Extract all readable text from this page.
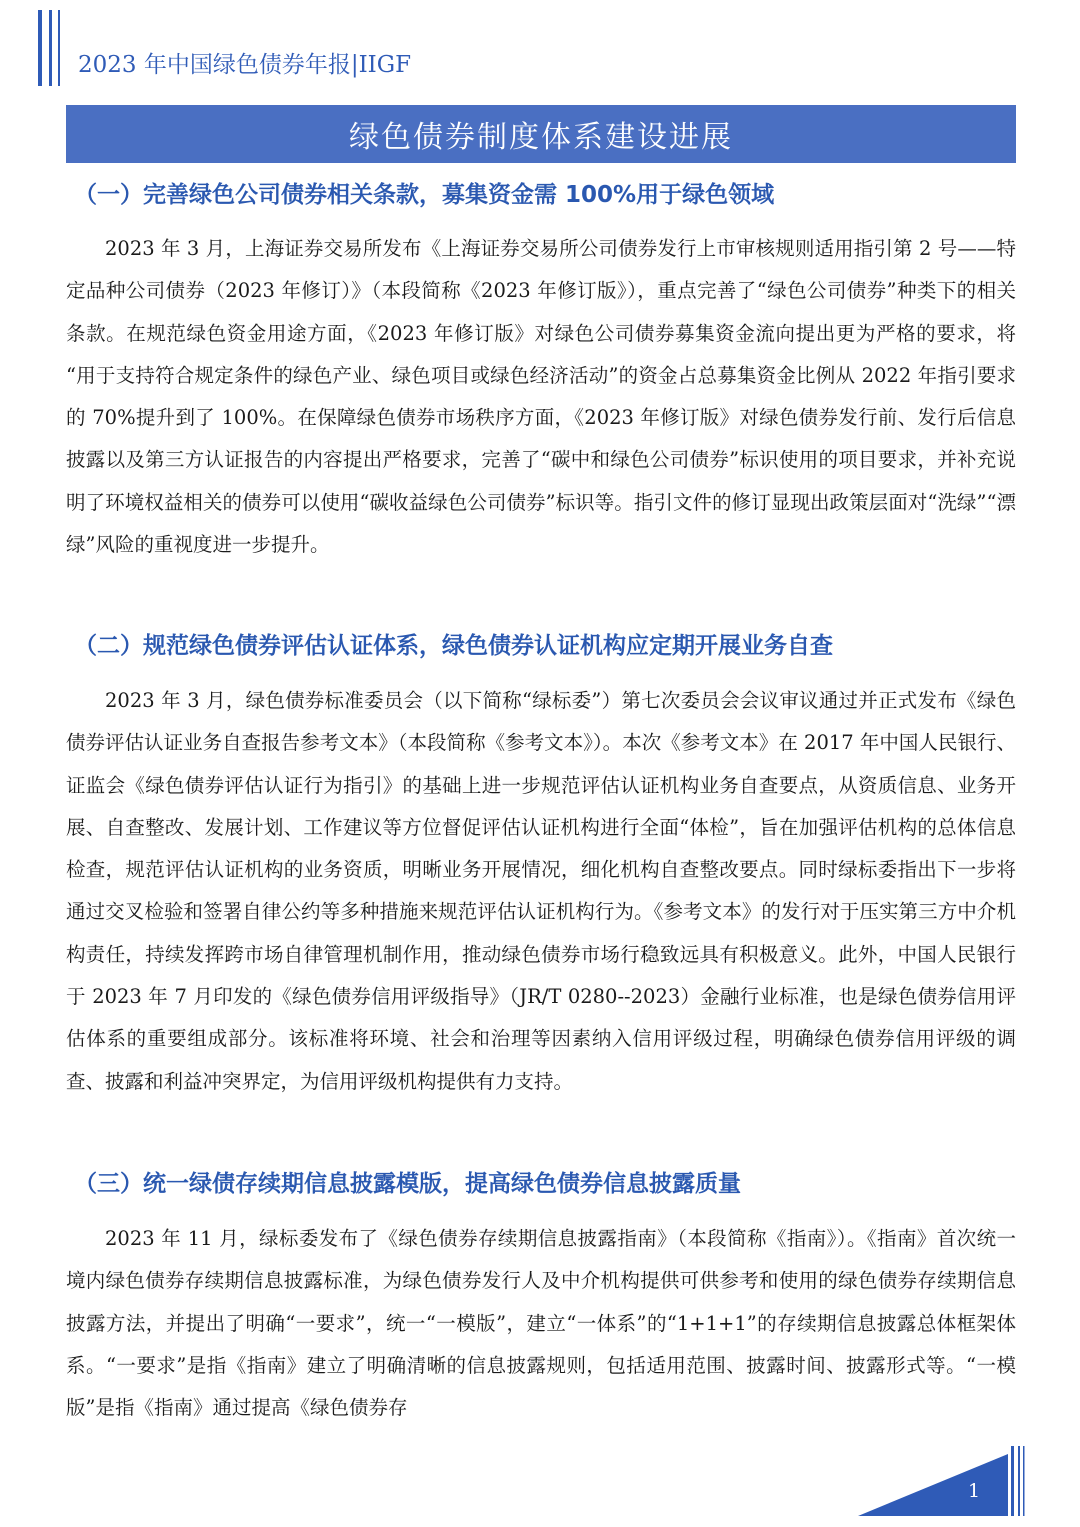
2023 年中国绿色债券年报|IIGF
绿色债券制度体系建设进展
（一）完善绿色公司债券相关条款，募集资金需 100%用于绿色领域

2023 年 3 月，上海证券交易所发布《上海证券交易所公司债券发行上市审核规则适用指引第 2 号——特定品种公司债券（2023 年修订）》（本段简称《2023 年修订版》），重点完善了“绿色公司债券”种类下的相关条款。在规范绿色资金用途方面，《2023 年修订版》对绿色公司债券募集资金流向提出更为严格的要求，将 “用于支持符合规定条件的绿色产业、绿色项目或绿色经济活动”的资金占总募集资金比例从 2022 年指引要求的 70%提升到了 100%。在保障绿色债券市场秩序方面，《2023 年修订版》对绿色债券发行前、发行后信息披露以及第三方认证报告的内容提出严格要求，完善了“碳中和绿色公司债券”标识使用的项目要求，并补充说明了环境权益相关的债券可以使用“碳收益绿色公司债券”标识等。指引文件的修订显现出政策层面对“洗绿”“漂绿”风险的重视度进一步提升。

（二）规范绿色债券评估认证体系，绿色债券认证机构应定期开展业务自查

2023 年 3 月，绿色债券标准委员会（以下简称“绿标委”）第七次委员会会议审议通过并正式发布《绿色债券评估认证业务自查报告参考文本》（本段简称《参考文本》）。本次《参考文本》在 2017 年中国人民银行、证监会《绿色债券评估认证行为指引》的基础上进一步规范评估认证机构业务自查要点，从资质信息、业务开展、自查整改、发展计划、工作建议等方位督促评估认证机构进行全面“体检”，旨在加强评估机构的总体信息检查，规范评估认证机构的业务资质，明晰业务开展情况，细化机构自查整改要点。同时绿标委指出下一步将通过交叉检验和签署自律公约等多种措施来规范评估认证机构行为。《参考文本》的发行对于压实第三方中介机构责任，持续发挥跨市场自律管理机制作用，推动绿色债券市场行稳致远具有积极意义。此外，中国人民银行于 2023 年 7 月印发的《绿色债券信用评级指导》（JR/T 0280--2023）金融行业标准，也是绿色债券信用评估体系的重要组成部分。该标准将环境、社会和治理等因素纳入信用评级过程，明确绿色债券信用评级的调查、披露和利益冲突界定，为信用评级机构提供有力支持。

（三）统一绿债存续期信息披露模版，提高绿色债券信息披露质量

2023 年 11 月，绿标委发布了《绿色债券存续期信息披露指南》（本段简称《指南》）。《指南》首次统一境内绿色债券存续期信息披露标准，为绿色债券发行人及中介机构提供可供参考和使用的绿色债券存续期信息披露方法，并提出了明确“一要求”，统一“一模版”，建立“一体系”的“1+1+1”的存续期信息披露总体框架体系。“一要求”是指《指南》建立了明确清晰的信息披露规则，包括适用范围、披露时间、披露形式等。“一模版”是指《指南》通过提高《绿色债券存

1
